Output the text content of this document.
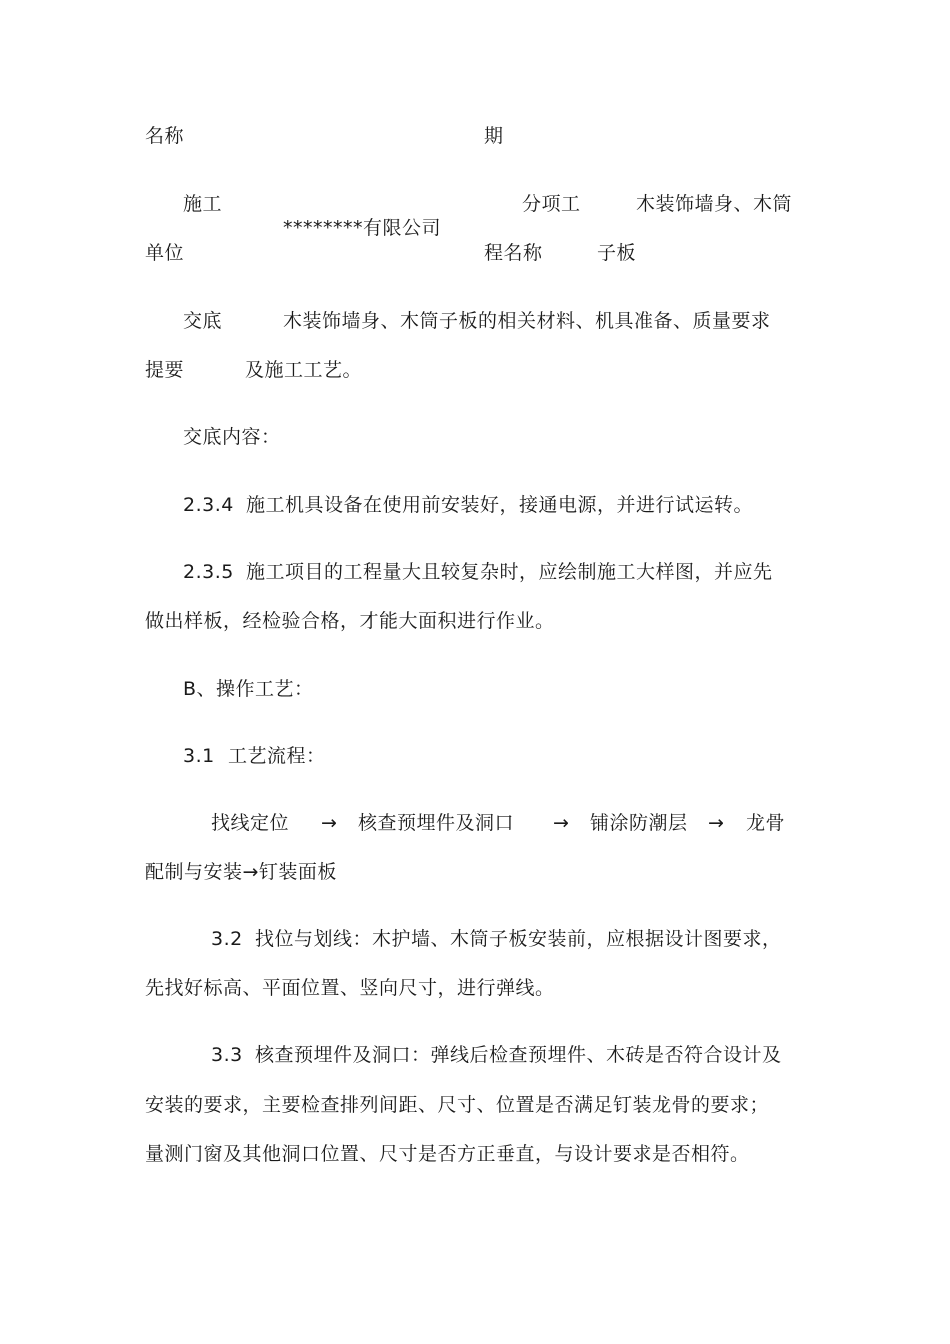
名称	期
施工
单位
********有限公司
分项工
程名称
木装饰墙身、木筒
子板
交底
提要
木装饰墙身、木筒子板的相关材料、机具准备、质量要求
及施工工艺。
交底内容：
2.3.4 施工机具设备在使用前安装好，接通电源，并进行试运转。
2.3.5 施工项目的工程量大且较复杂时，应绘制施工大样图，并应先
做出样板，经检验合格，才能大面积进行作业。
B、操作工艺：
3.1 工艺流程：
找线定位 → 核查预埋件及洞口 → 铺涂防潮层 → 龙骨
配制与安装→钉装面板
3.2 找位与划线：木护墙、木筒子板安装前，应根据设计图要求，
先找好标高、平面位置、竖向尺寸，进行弹线。
3.3 核查预埋件及洞口：弹线后检查预埋件、木砖是否符合设计及
安装的要求，主要检查排列间距、尺寸、位置是否满足钉装龙骨的要求；
量测门窗及其他洞口位置、尺寸是否方正垂直，与设计要求是否相符。
